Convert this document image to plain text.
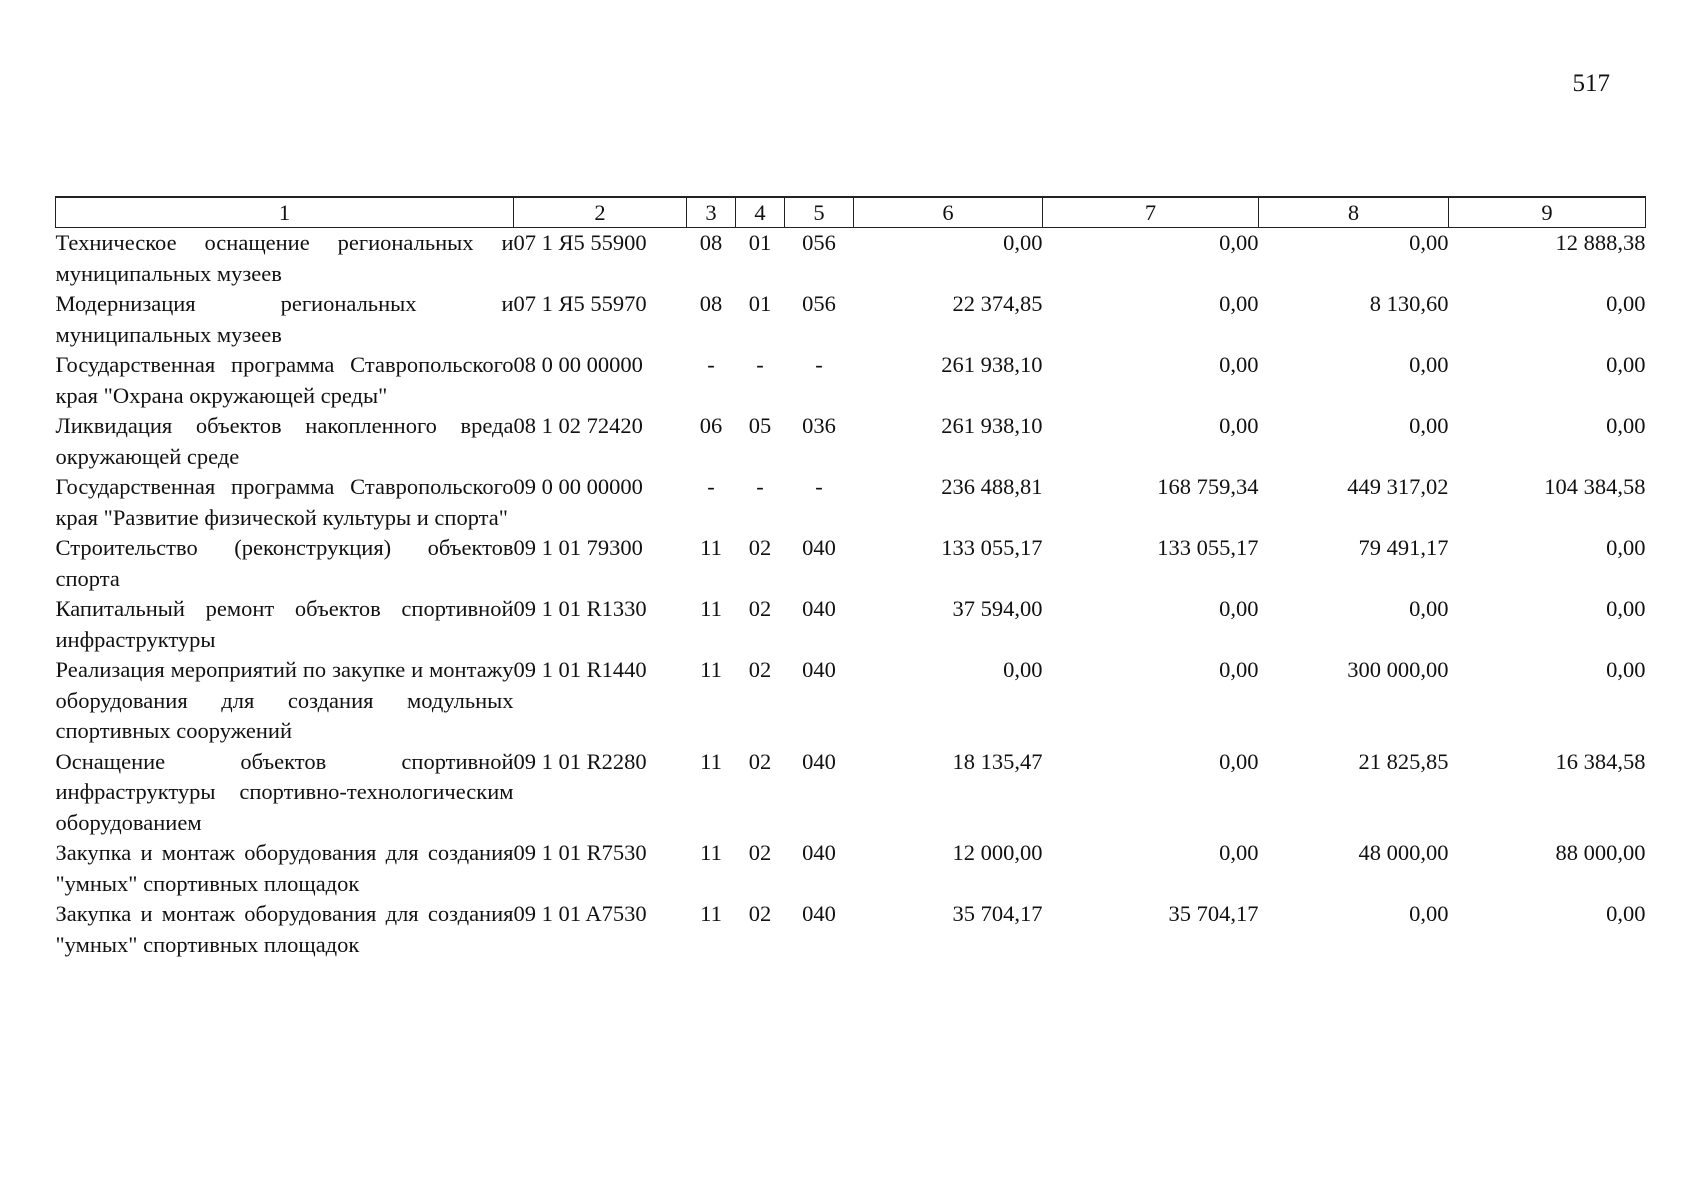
517
1	2	3	4	5	6	7	8	9
Техническое оснащение региональных и муниципальных музеев	07 1 Я5 55900	08	01	056	0,00	0,00	0,00	12 888,38
Модернизация региональных и муниципальных музеев	07 1 Я5 55970	08	01	056	22 374,85	0,00	8 130,60	0,00
Государственная программа Ставропольского края "Охрана окружающей среды"	08 0 00 00000	-	-	-	261 938,10	0,00	0,00	0,00
Ликвидация объектов накопленного вреда окружающей среде	08 1 02 72420	06	05	036	261 938,10	0,00	0,00	0,00
Государственная программа Ставропольского края "Развитие физической культуры и спорта"	09 0 00 00000	-	-	-	236 488,81	168 759,34	449 317,02	104 384,58
Строительство (реконструкция) объектов спорта	09 1 01 79300	11	02	040	133 055,17	133 055,17	79 491,17	0,00
Капитальный ремонт объектов спортивной инфраструктуры	09 1 01 R1330	11	02	040	37 594,00	0,00	0,00	0,00
Реализация мероприятий по закупке и монтажу оборудования для создания модульных спортивных сооружений	09 1 01 R1440	11	02	040	0,00	0,00	300 000,00	0,00
Оснащение объектов спортивной инфраструктуры спортивно-технологическим оборудованием	09 1 01 R2280	11	02	040	18 135,47	0,00	21 825,85	16 384,58
Закупка и монтаж оборудования для создания "умных" спортивных площадок	09 1 01 R7530	11	02	040	12 000,00	0,00	48 000,00	88 000,00
Закупка и монтаж оборудования для создания "умных" спортивных площадок	09 1 01 A7530	11	02	040	35 704,17	35 704,17	0,00	0,00
